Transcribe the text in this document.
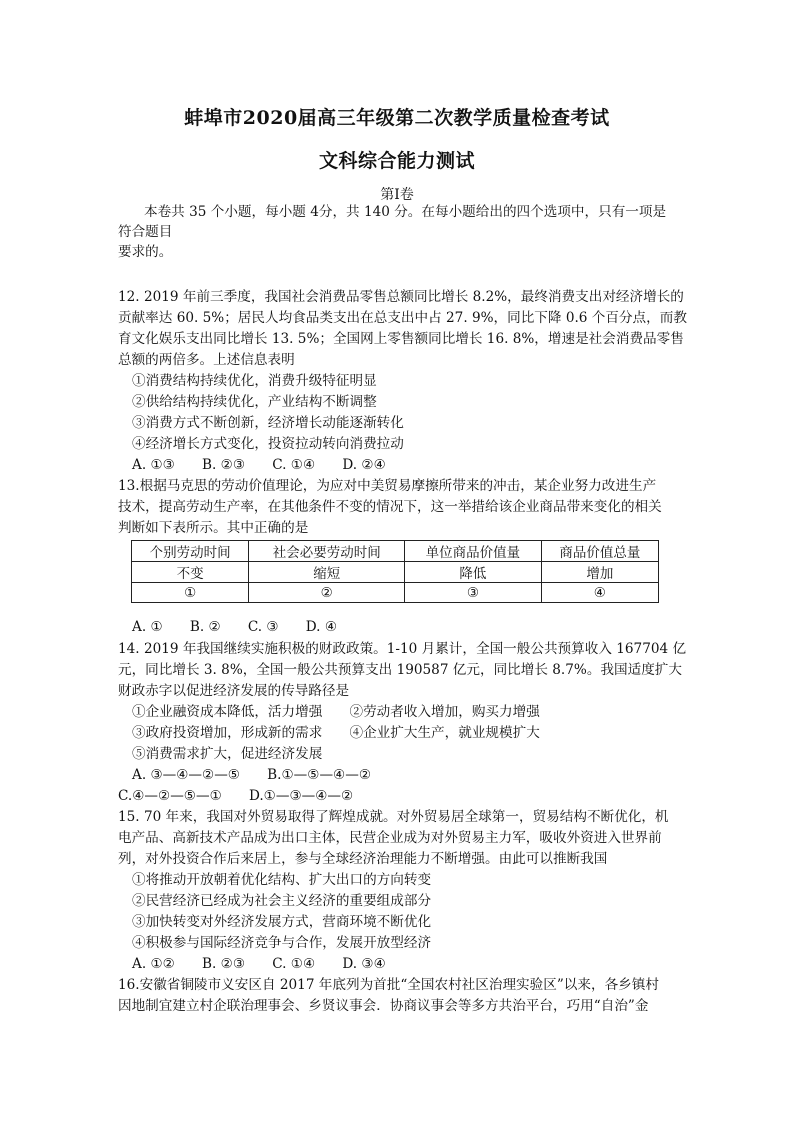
蚌埠市2020届高三年级第二次教学质量检查考试
文科综合能力测试
第Ⅰ卷
本卷共 35 个小题，每小题 4分，共 140 分。在每小题给出的四个选项中，只有一项是
符合题目
要求的。
12. 2019 年前三季度，我国社会消费品零售总额同比增长 8.2%，最终消费支出对经济增长的
贡献率达 60. 5%；居民人均食品类支出在总支出中占 27. 9%，同比下降 0.6 个百分点，而教
育文化娱乐支出同比增长 13. 5%；全国网上零售额同比增长 16. 8%，增速是社会消费品零售
总额的两倍多。上述信息表明
①消费结构持续优化，消费升级特征明显
②供给结构持续优化，产业结构不断调整
③消费方式不断创新，经济增长动能逐渐转化
④经济增长方式变化，投资拉动转向消费拉动
A. ①③　　B. ②③　　C. ①④　　D. ②④
13.根据马克思的劳动价值理论，为应对中美贸易摩擦所带来的冲击，某企业努力改进生产
技术，提高劳动生产率，在其他条件不变的情况下，这一举措给该企业商品带来变化的相关
判断如下表所示。其中正确的是
个别劳动时间	社会必要劳动时间	单位商品价值量	商品价值总量
不变	缩短	降低	增加
①	②	③	④
A. ①　　B. ②　　C. ③　　D. ④
14. 2019 年我国继续实施积极的财政政策。1-10 月累计，全国一般公共预算收入 167704 亿
元，同比增长 3. 8%，全国一般公共预算支出 190587 亿元，同比增长 8.7%。我国适度扩大
财政赤字以促进经济发展的传导路径是
①企业融资成本降低，活力增强　　②劳动者收入增加，购买力增强
③政府投资增加，形成新的需求　　④企业扩大生产，就业规模扩大
⑤消费需求扩大，促进经济发展
A. ③—④—②—⑤　　B.①—⑤—④—②
C.④—②—⑤—①　　D.①—③—④—②
15. 70 年来，我国对外贸易取得了辉煌成就。对外贸易居全球第一，贸易结构不断优化，机
电产品、高新技术产品成为出口主体，民营企业成为对外贸易主力军，吸收外资进入世界前
列，对外投资合作后来居上，参与全球经济治理能力不断增强。由此可以推断我国
①将推动开放朝着优化结构、扩大出口的方向转变
②民营经济已经成为社会主义经济的重要组成部分
③加快转变对外经济发展方式，营商环境不断优化
④积极参与国际经济竞争与合作，发展开放型经济
A. ①②　　B. ②③　　C. ①④　　D. ③④
16.安徽省铜陵市义安区自 2017 年底列为首批“全国农村社区治理实验区”以来，各乡镇村
因地制宜建立村企联治理事会、乡贤议事会．协商议事会等多方共治平台，巧用“自治”金
